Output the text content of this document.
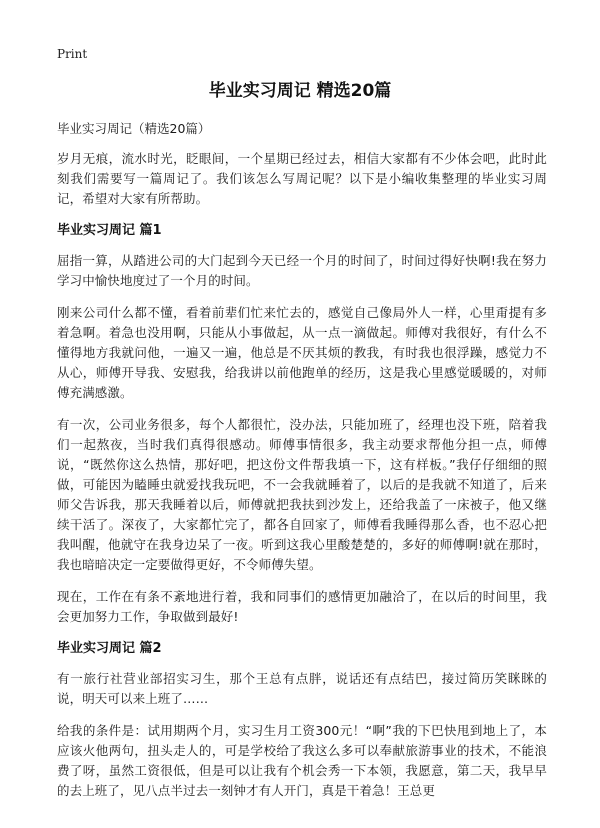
Print
毕业实习周记 精选20篇
毕业实习周记（精选20篇）

岁月无痕，流水时光，眨眼间，一个星期已经过去，相信大家都有不少体会吧，此时此刻我们需要写一篇周记了。我们该怎么写周记呢？以下是小编收集整理的毕业实习周记，希望对大家有所帮助。

毕业实习周记 篇1

屈指一算，从踏进公司的大门起到今天已经一个月的时间了，时间过得好快啊!我在努力学习中愉快地度过了一个月的时间。

刚来公司什么都不懂，看着前辈们忙来忙去的，感觉自己像局外人一样，心里甭提有多着急啊。着急也没用啊，只能从小事做起，从一点一滴做起。师傅对我很好，有什么不懂得地方我就问他，一遍又一遍，他总是不厌其烦的教我，有时我也很浮躁，感觉力不从心，师傅开导我、安慰我，给我讲以前他跑单的经历，这是我心里感觉暖暖的，对师傅充满感激。

有一次，公司业务很多，每个人都很忙，没办法，只能加班了，经理也没下班，陪着我们一起熬夜，当时我们真得很感动。师傅事情很多，我主动要求帮他分担一点，师傅说，“既然你这么热情，那好吧，把这份文件帮我填一下，这有样板。”我仔仔细细的照做，可能因为瞌睡虫就爱找我玩吧，不一会我就睡着了，以后的是我就不知道了，后来师父告诉我，那天我睡着以后，师傅就把我扶到沙发上，还给我盖了一床被子，他又继续干活了。深夜了，大家都忙完了，都各自回家了，师傅看我睡得那么香，也不忍心把我叫醒，他就守在我身边呆了一夜。听到这我心里酸楚楚的，多好的师傅啊!就在那时，我也暗暗决定一定要做得更好，不令师傅失望。

现在，工作在有条不紊地进行着，我和同事们的感情更加融洽了，在以后的时间里，我会更加努力工作，争取做到最好!

毕业实习周记 篇2

有一旅行社营业部招实习生，那个王总有点胖，说话还有点结巴，接过简历笑眯眯的说，明天可以来上班了……

给我的条件是：试用期两个月，实习生月工资300元！“啊”我的下巴快甩到地上了，本应该火他两句，扭头走人的，可是学校给了我这么多可以奉献旅游事业的技术，不能浪费了呀，虽然工资很低，但是可以让我有个机会秀一下本领，我愿意，第二天，我早早的去上班了，见八点半过去一刻钟才有人开门，真是干着急！王总更
